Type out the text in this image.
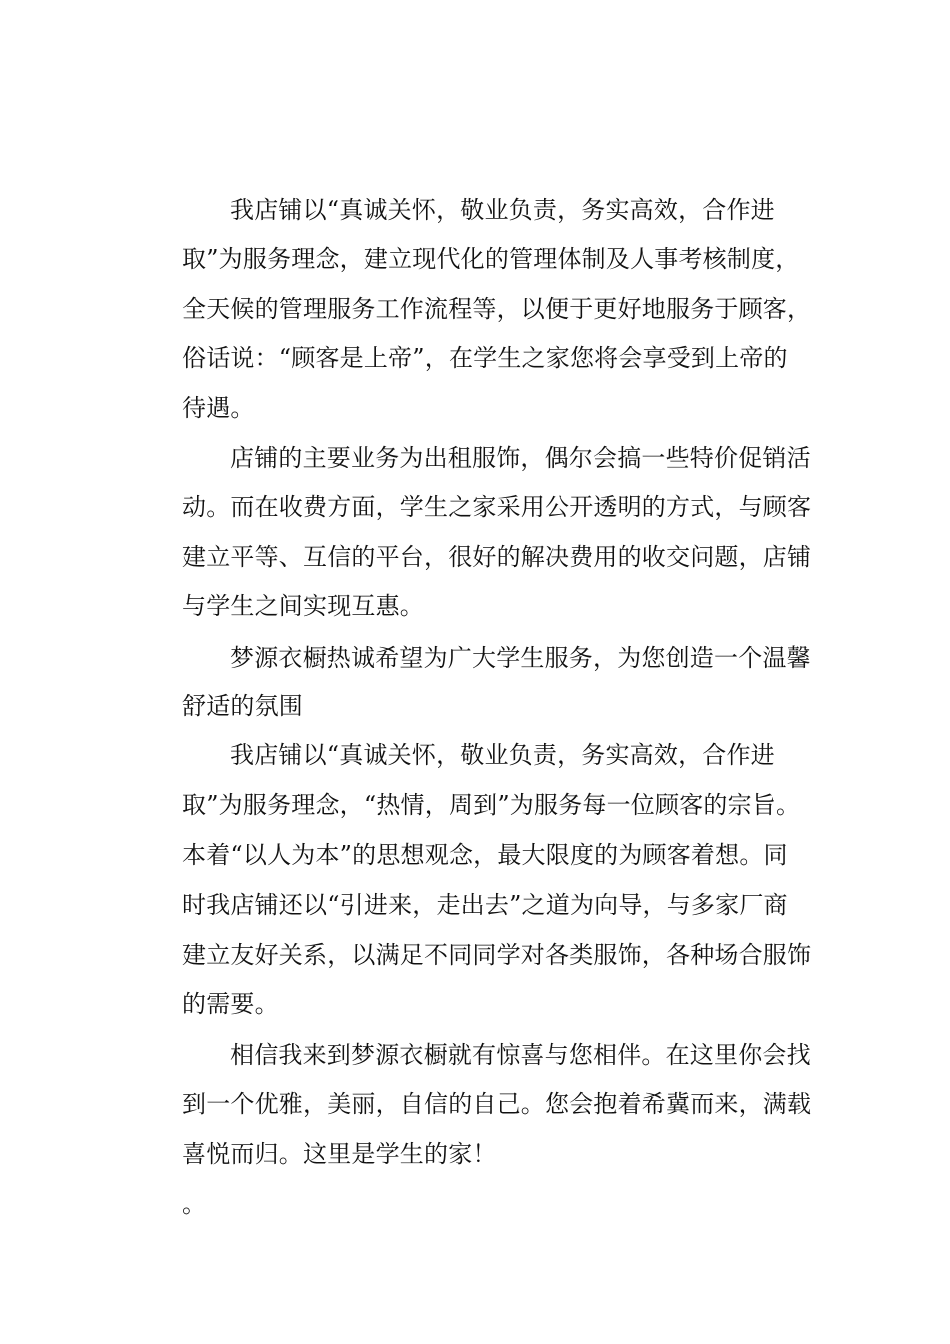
我店铺以“真诚关怀，敬业负责，务实高效，合作进
取”为服务理念，建立现代化的管理体制及人事考核制度，
全天候的管理服务工作流程等，以便于更好地服务于顾客，
俗话说：“顾客是上帝”，在学生之家您将会享受到上帝的
待遇。
店铺的主要业务为出租服饰，偶尔会搞一些特价促销活
动。而在收费方面，学生之家采用公开透明的方式，与顾客
建立平等、互信的平台，很好的解决费用的收交问题，店铺
与学生之间实现互惠。
梦源衣橱热诚希望为广大学生服务，为您创造一个温馨
舒适的氛围
我店铺以“真诚关怀，敬业负责，务实高效，合作进
取”为服务理念，“热情，周到”为服务每一位顾客的宗旨。
本着“以人为本”的思想观念，最大限度的为顾客着想。同
时我店铺还以“引进来，走出去”之道为向导，与多家厂商
建立友好关系，以满足不同同学对各类服饰，各种场合服饰
的需要。
相信我来到梦源衣橱就有惊喜与您相伴。在这里你会找
到一个优雅，美丽，自信的自己。您会抱着希冀而来，满载
喜悦而归。这里是学生的家！
。
